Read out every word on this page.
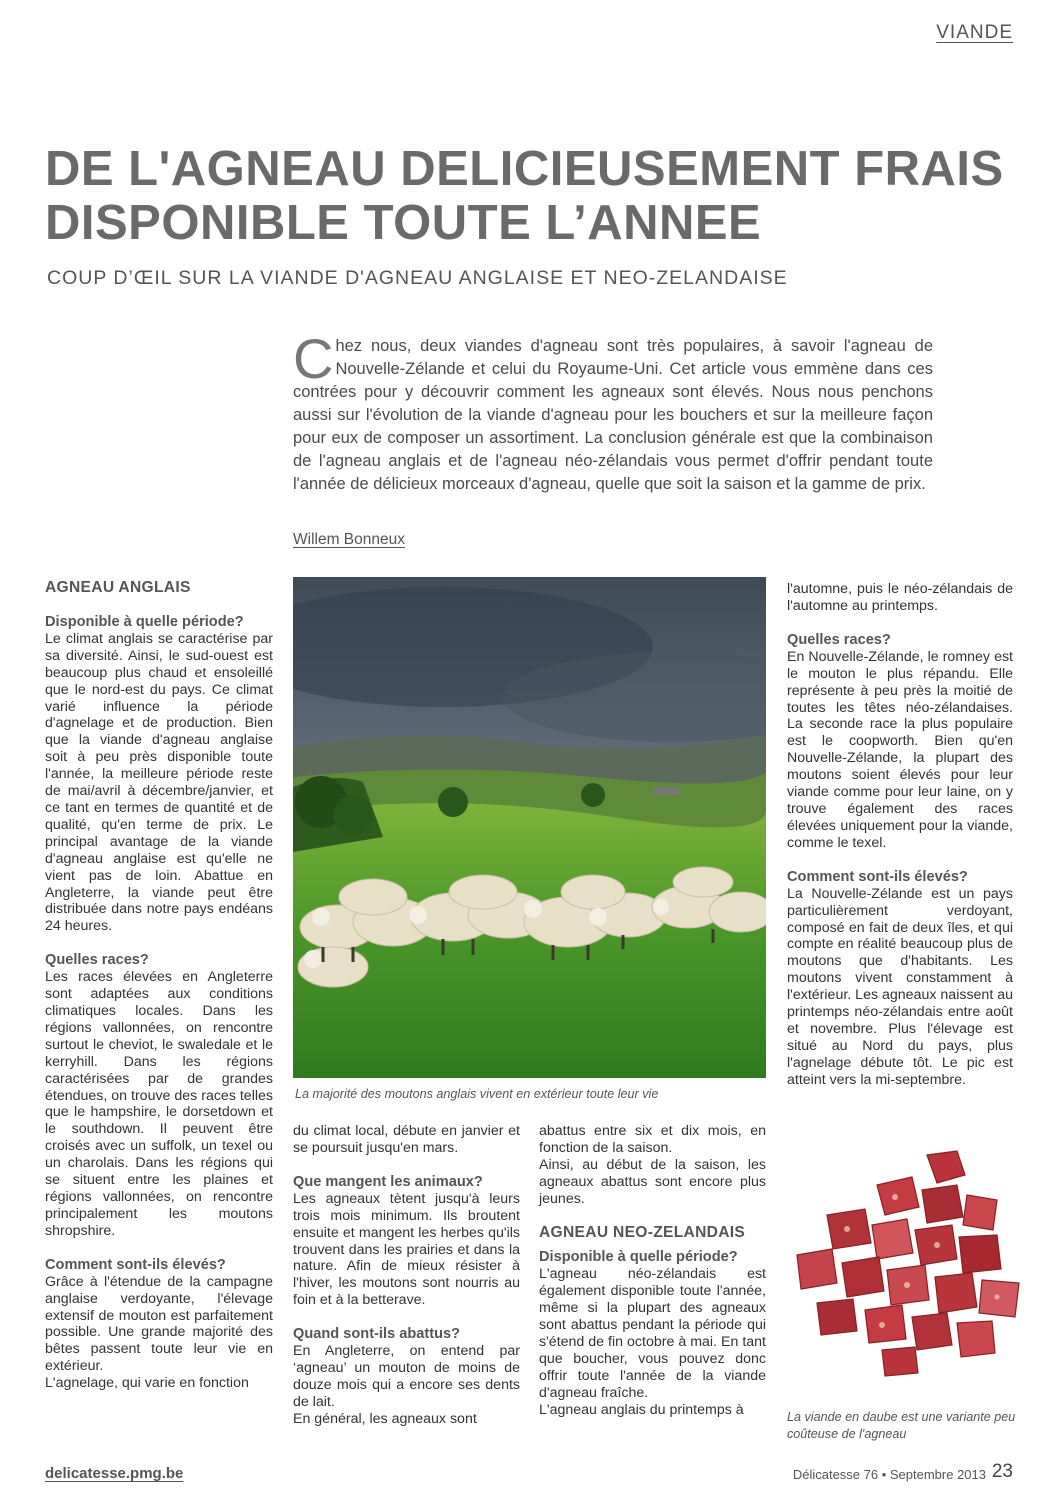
VIANDE
DE L'AGNEAU DELICIEUSEMENT FRAIS
DISPONIBLE TOUTE L’ANNEE
COUP D’ŒIL SUR LA VIANDE D'AGNEAU ANGLAISE ET NEO-ZELANDAISE

Chez nous, deux viandes d'agneau sont très populaires, à savoir l'agneau de Nouvelle-Zélande et celui du Royaume-Uni. Cet article vous emmène dans ces contrées pour y découvrir comment les agneaux sont élevés. Nous nous penchons aussi sur l'évolution de la viande d'agneau pour les bouchers et sur la meilleure façon pour eux de composer un assortiment. La conclusion générale est que la combinaison de l'agneau anglais et de l'agneau néo-zélandais vous permet d'offrir pendant toute l'année de délicieux morceaux d'agneau, quelle que soit la saison et la gamme de prix.

Willem Bonneux
AGNEAU ANGLAIS
Disponible à quelle période?

Le climat anglais se caractérise par sa diversité. Ainsi, le sud-ouest est beaucoup plus chaud et ensoleillé que le nord-est du pays. Ce climat varié influence la période d'agnelage et de production. Bien que la viande d'agneau anglaise soit à peu près disponible toute l'année, la meilleure période reste de mai/avril à décembre/janvier, et ce tant en termes de quantité et de qualité, qu'en terme de prix. Le principal avantage de la viande d'agneau anglaise est qu'elle ne vient pas de loin. Abattue en Angleterre, la viande peut être distribuée dans notre pays endéans 24 heures.

Quelles races?

Les races élevées en Angleterre sont adaptées aux conditions climatiques locales. Dans les régions vallonnées, on rencontre surtout le cheviot, le swaledale et le kerryhill. Dans les régions caractérisées par de grandes étendues, on trouve des races telles que le hampshire, le dorsetdown et le southdown. Il peuvent être croisés avec un suffolk, un texel ou un charolais. Dans les régions qui se situent entre les plaines et régions vallonnées, on rencontre principalement les moutons shropshire.

Comment sont-ils élevés?

Grâce à l'étendue de la campagne anglaise verdoyante, l'élevage extensif de mouton est parfaitement possible. Une grande majorité des bêtes passent toute leur vie en extérieur.

L'agnelage, qui varie en fonction

La majorité des moutons anglais vivent en extérieur toute leur vie

du climat local, débute en janvier et se poursuit jusqu'en mars.

Que mangent les animaux?

Les agneaux tètent jusqu'à leurs trois mois minimum. Ils broutent ensuite et mangent les herbes qu'ils trouvent dans les prairies et dans la nature. Afin de mieux résister à l'hiver, les moutons sont nourris au foin et à la betterave.

Quand sont-ils abattus?

En Angleterre, on entend par ‘agneau’ un mouton de moins de douze mois qui a encore ses dents de lait.

En général, les agneaux sont

abattus entre six et dix mois, en fonction de la saison.

Ainsi, au début de la saison, les agneaux abattus sont encore plus jeunes.

AGNEAU NEO-ZELANDAIS
Disponible à quelle période?

L'agneau néo-zélandais est également disponible toute l'année, même si la plupart des agneaux sont abattus pendant la période qui s'étend de fin octobre à mai. En tant que boucher, vous pouvez donc offrir toute l'année de la viande d'agneau fraîche.

L'agneau anglais du printemps à

l'automne, puis le néo-zélandais de l'automne au printemps.

Quelles races?

En Nouvelle-Zélande, le romney est le mouton le plus répandu. Elle représente à peu près la moitié de toutes les têtes néo-zélandaises. La seconde race la plus populaire est le coopworth. Bien qu'en Nouvelle-Zélande, la plupart des moutons soient élevés pour leur viande comme pour leur laine, on y trouve également des races élevées uniquement pour la viande, comme le texel.

Comment sont-ils élevés?

La Nouvelle-Zélande est un pays particulièrement verdoyant, composé en fait de deux îles, et qui compte en réalité beaucoup plus de moutons que d'habitants. Les moutons vivent constamment à l'extérieur. Les agneaux naissent au printemps néo-zélandais entre août et novembre. Plus l'élevage est situé au Nord du pays, plus l'agnelage débute tôt. Le pic est atteint vers la mi-septembre.

La viande en daube est une variante peu coûteuse de l'agneau
delicatesse.pmg.be	Délicatesse 76 • Septembre 2013 23
